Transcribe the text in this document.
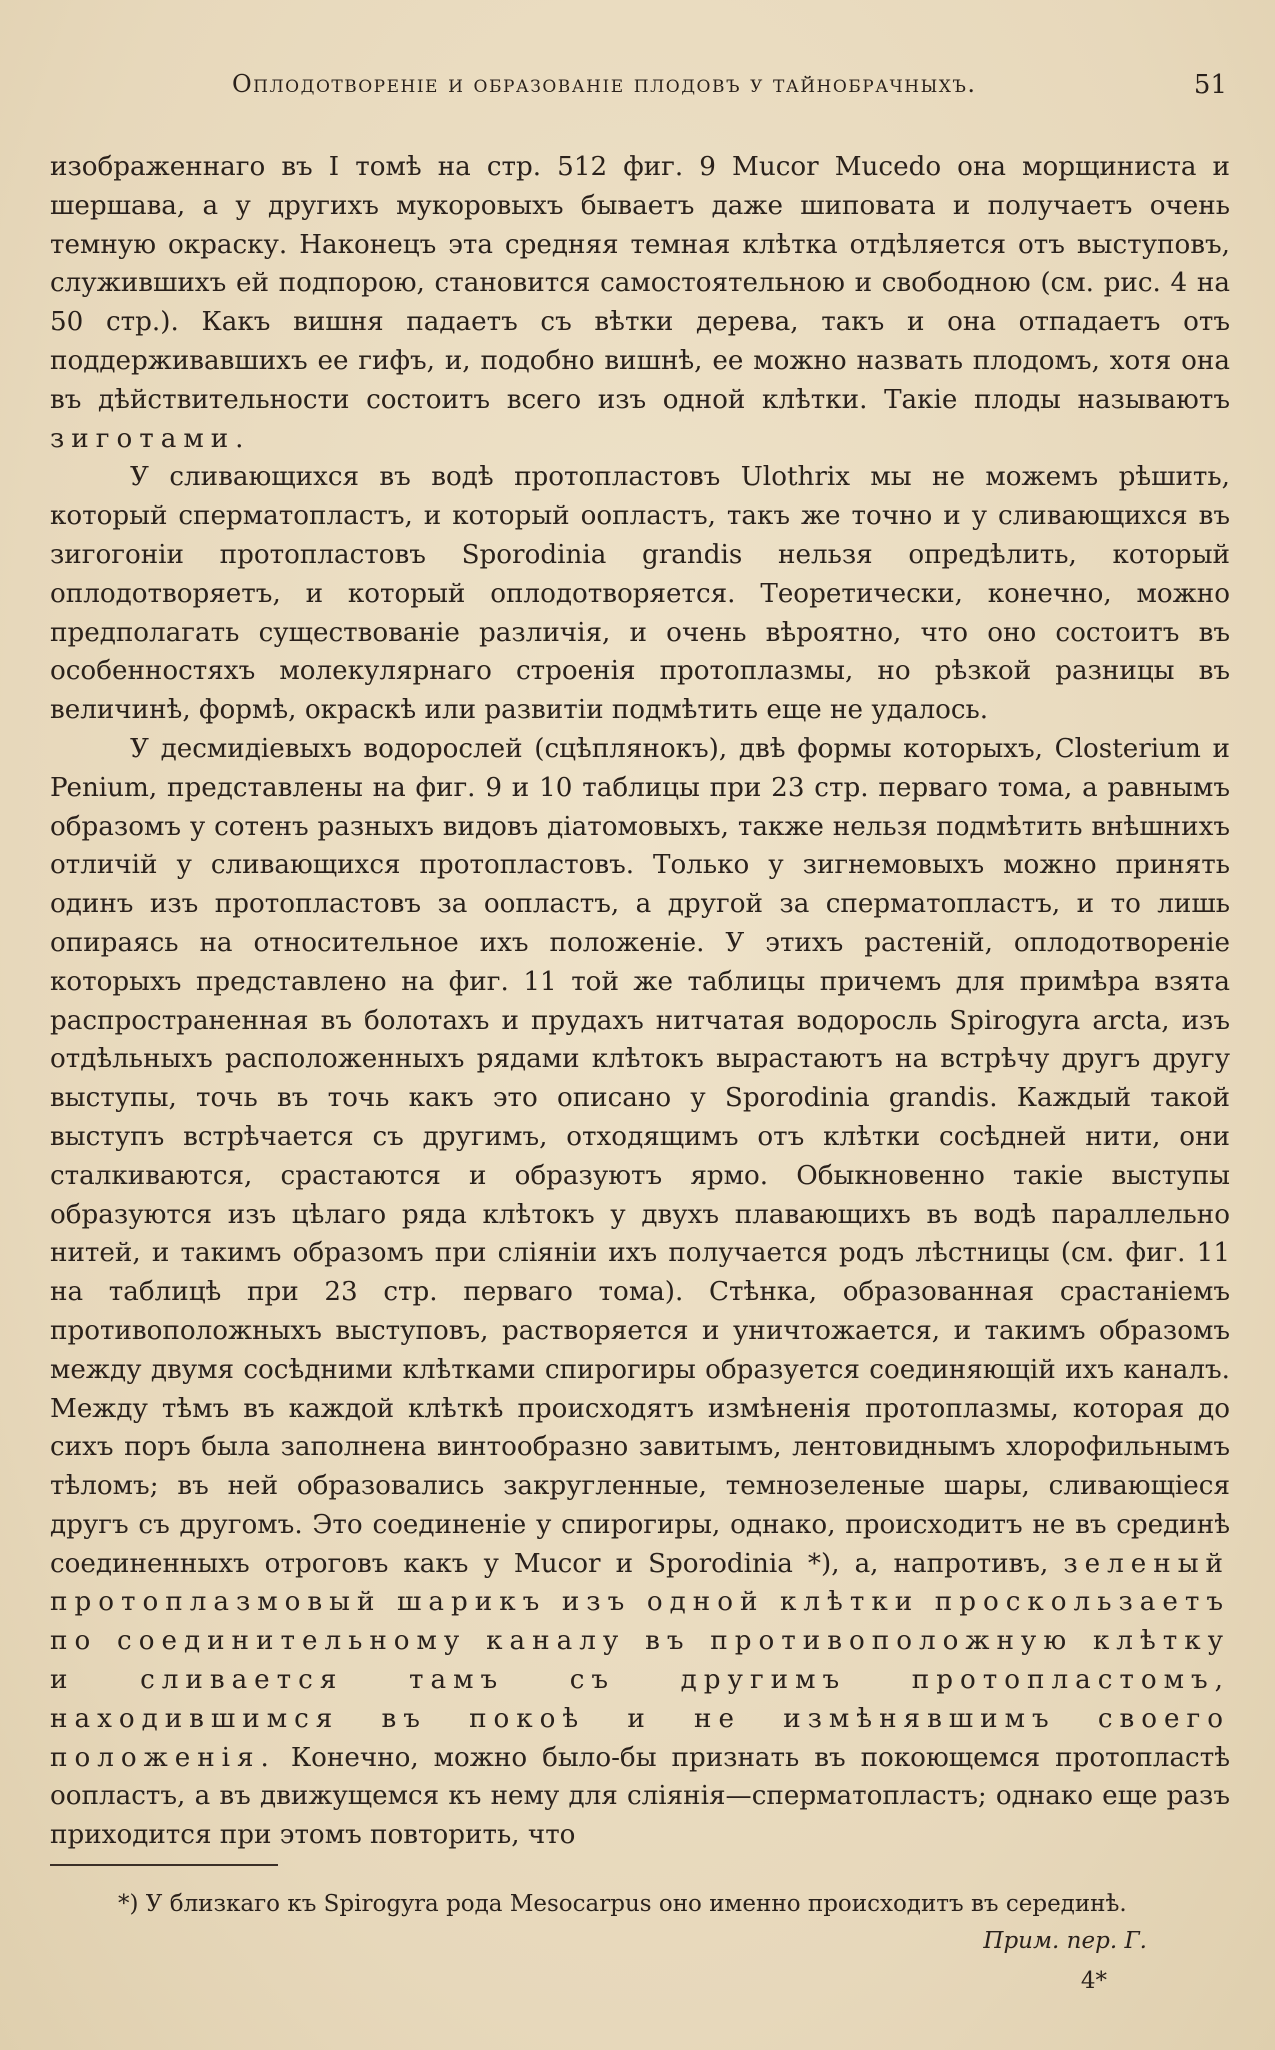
Оплодотвореніе и образованіе плодовъ у тайнобрачныхъ.	51

изображеннаго въ I томѣ на стр. 512 фиг. 9 Mucor Mucedo она морщиниста и шершава, а у другихъ мукоровыхъ бываетъ даже шиповата и получаетъ очень темную окраску. Наконецъ эта средняя темная клѣтка отдѣляется отъ выступовъ, служившихъ ей подпорою, становится самостоятельною и свободною (см. рис. 4 на 50 стр.). Какъ вишня падаетъ съ вѣтки дерева, такъ и она отпадаетъ отъ поддерживавшихъ ее гифъ, и, подобно вишнѣ, ее можно назвать плодомъ, хотя она въ дѣйствительности состоитъ всего изъ одной клѣтки. Такіе плоды называютъ зиготами.

У сливающихся въ водѣ протопластовъ Ulothrix мы не можемъ рѣшить, который сперматопластъ, и который оопластъ, такъ же точно и у сливающихся въ зигогоніи протопластовъ Sporodinia grandis нельзя опредѣлить, который оплодотворяетъ, и который оплодотворяется. Теоретически, конечно, можно предполагать существованіе различія, и очень вѣроятно, что оно состоитъ въ особенностяхъ молекулярнаго строенія протоплазмы, но рѣзкой разницы въ величинѣ, формѣ, окраскѣ или развитіи подмѣтить еще не удалось.

У десмидіевыхъ водорослей (сцѣплянокъ), двѣ формы которыхъ, Closterium и Penium, представлены на фиг. 9 и 10 таблицы при 23 стр. перваго тома, а равнымъ образомъ у сотенъ разныхъ видовъ діатомовыхъ, также нельзя подмѣтить внѣшнихъ отличій у сливающихся протопластовъ. Только у зигнемовыхъ можно принять одинъ изъ протопластовъ за оопластъ, а другой за сперматопластъ, и то лишь опираясь на относительное ихъ положеніе. У этихъ растеній, оплодотвореніе которыхъ представлено на фиг. 11 той же таблицы причемъ для примѣра взята распространенная въ болотахъ и прудахъ нитчатая водоросль Spirogyra arcta, изъ отдѣльныхъ расположенныхъ рядами клѣтокъ вырастаютъ на встрѣчу другъ другу выступы, точь въ точь какъ это описано у Sporodinia grandis. Каждый такой выступъ встрѣчается съ другимъ, отходящимъ отъ клѣтки сосѣдней нити, они сталкиваются, срастаются и образуютъ ярмо. Обыкновенно такіе выступы образуются изъ цѣлаго ряда клѣтокъ у двухъ плавающихъ въ водѣ параллельно нитей, и такимъ образомъ при сліяніи ихъ получается родъ лѣстницы (см. фиг. 11 на таблицѣ при 23 стр. перваго тома). Стѣнка, образованная срастаніемъ противоположныхъ выступовъ, растворяется и уничтожается, и такимъ образомъ между двумя сосѣдними клѣтками спирогиры образуется соединяющій ихъ каналъ. Между тѣмъ въ каждой клѣткѣ происходятъ измѣненія протоплазмы, которая до сихъ поръ была заполнена винтообразно завитымъ, лентовиднымъ хлорофильнымъ тѣломъ; въ ней образовались закругленные, темнозеленые шары, сливающіеся другъ съ другомъ. Это соединеніе у спирогиры, однако, происходитъ не въ срединѣ соединенныхъ отроговъ какъ у Mucor и Sporodinia *), а, напротивъ, зеленый протоплазмовый шарикъ изъ одной клѣтки проскользаетъ по соединительному каналу въ противоположную клѣтку и сливается тамъ съ другимъ протопластомъ, находившимся въ покоѣ и не измѣнявшимъ своего положенія. Конечно, можно было-бы признать въ покоющемся протопластѣ оопластъ, а въ движущемся къ нему для сліянія—сперматопластъ; однако еще разъ приходится при этомъ повторить, что

*) У близкаго къ Spirogyra рода Mesocarpus оно именно происходитъ въ серединѣ.
Прим. пер. Г.
4*
